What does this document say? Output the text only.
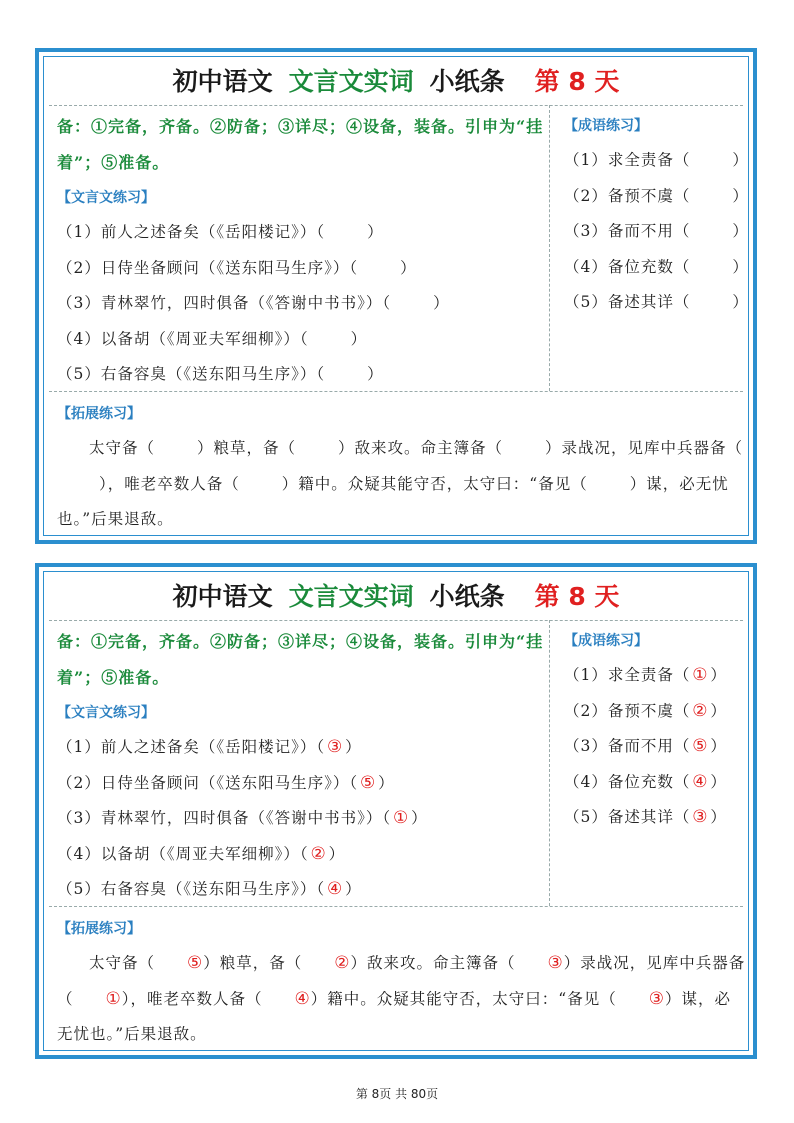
初中语文 文言文实词 小纸条 第 8 天
备：①完备，齐备。②防备；③详尽；④设备，装备。引申为“挂着”；⑤准备。
【文言文练习】
（1）前人之述备矣（《岳阳楼记》）（	）
（2）日侍坐备顾问（《送东阳马生序》）（	）
（3）青林翠竹，四时俱备（《答谢中书书》）（	）
（4）以备胡（《周亚夫军细柳》）（	）
（5）右备容臭（《送东阳马生序》）（	）
【成语练习】
（1）求全责备（	）
（2）备预不虞（	）
（3）备而不用（	）
（4）备位充数（	）
（5）备述其详（	）
【拓展练习】
太守备（	）粮草，备（	）敌来攻。命主簿备（	）录战况，见库中兵器备（），唯老卒数人备（	）籍中。众疑其能守否，太守曰：“备见（	）谋，必无忧也。”后果退敌。
初中语文 文言文实词 小纸条 第 8 天
备：①完备，齐备。②防备；③详尽；④设备，装备。引申为“挂着”；⑤准备。
【文言文练习】
（1）前人之述备矣（《岳阳楼记》）（ ③ ）
（2）日侍坐备顾问（《送东阳马生序》）（ ⑤ ）
（3）青林翠竹，四时俱备（《答谢中书书》）（ ① ）
（4）以备胡（《周亚夫军细柳》）（ ② ）
（5）右备容臭（《送东阳马生序》）（ ④ ）
【成语练习】
（1）求全责备（ ① ）
（2）备预不虞（ ② ）
（3）备而不用（ ⑤ ）
（4）备位充数（ ④ ）
（5）备述其详（ ③ ）
【拓展练习】
太守备（ ⑤）粮草，备（ ②）敌来攻。命主簿备（ ③）录战况，见库中兵器备（ ①），唯老卒数人备（ ④）籍中。众疑其能守否，太守曰：“备见（ ③）谋，必无忧也。”后果退敌。
第 8页 共 80页
